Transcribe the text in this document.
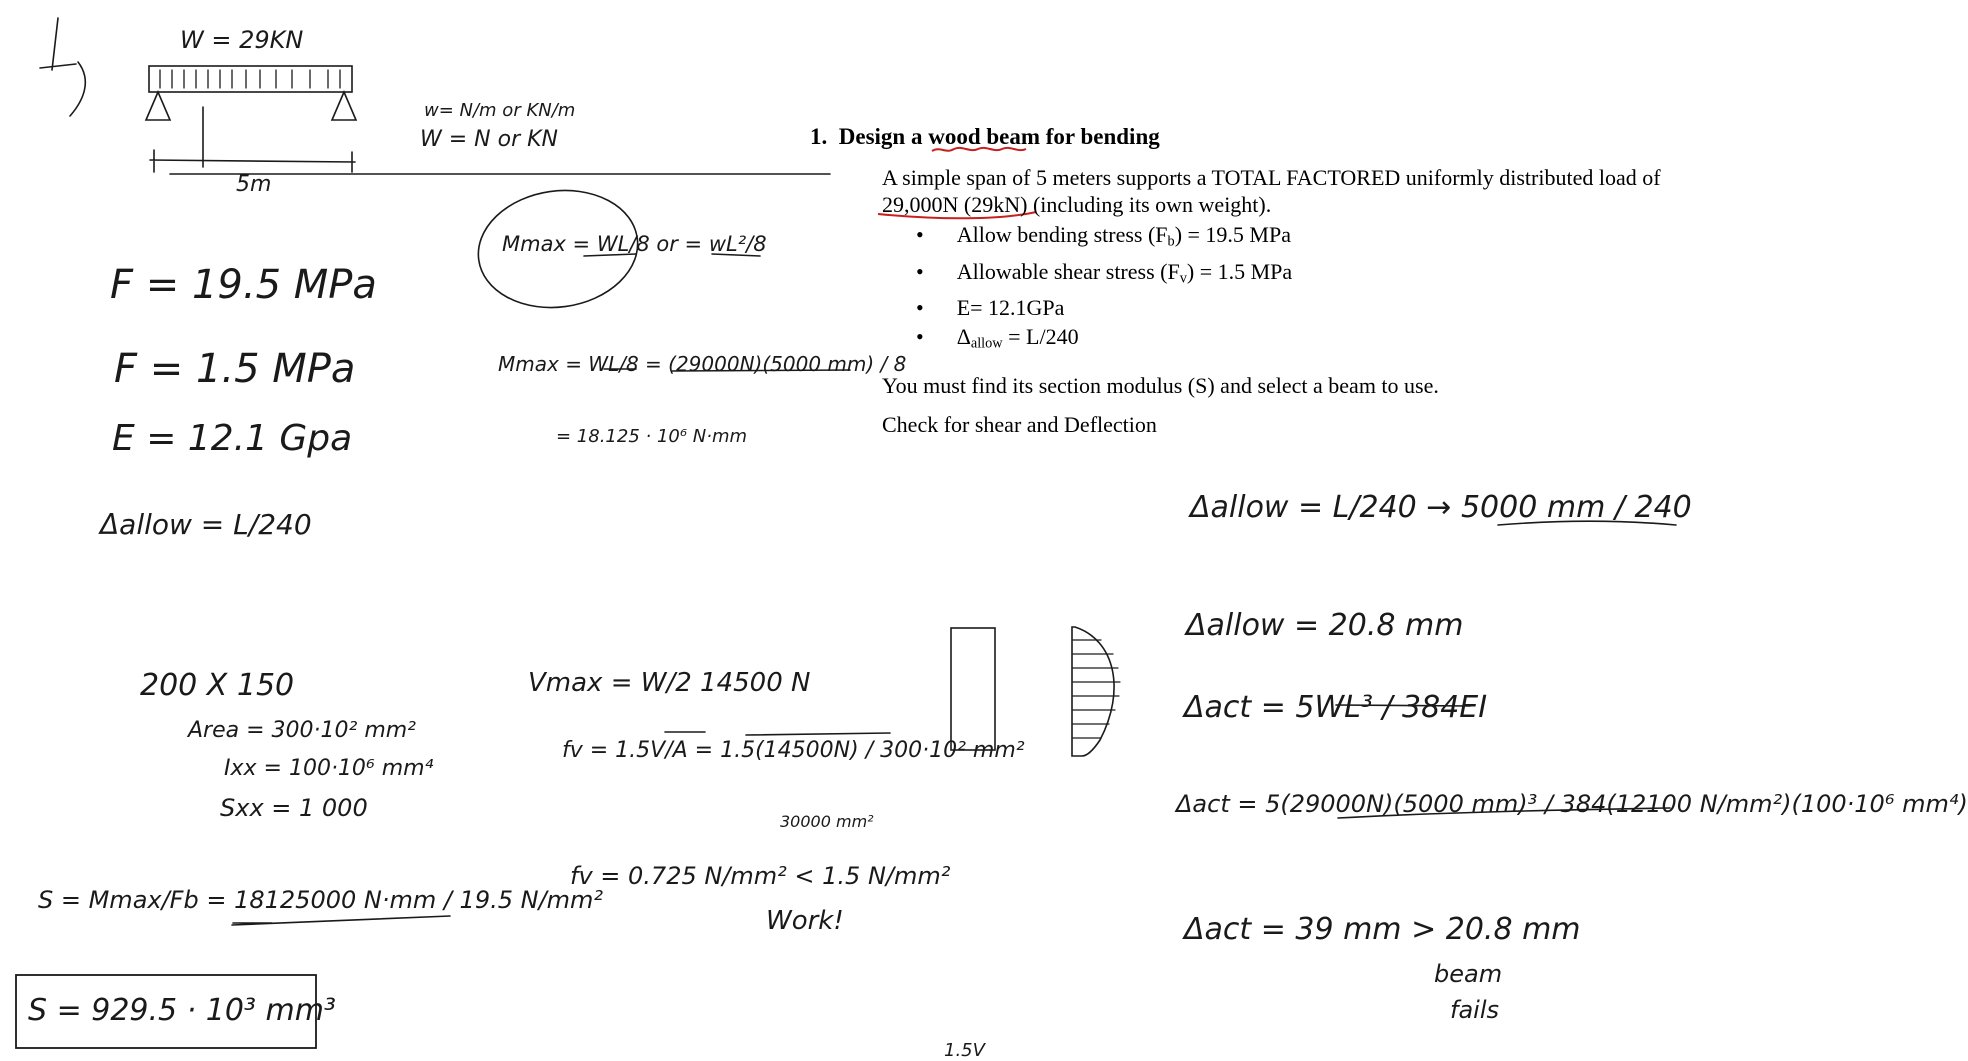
W = 29KN
5m
w= N/m or KN/m
W = N or KN
F = 19.5 MPa
F = 1.5 MPa
E = 12.1 Gpa
Δallow = L/240
Mmax = WL/8 or = wL²/8
Mmax = WL/8 = (29000N)(5000 mm) / 8
= 18.125 · 10⁶ N·mm
200 X 150
Area = 300·10² mm²
Ixx = 100·10⁶ mm⁴
Sxx = 1 000
S = Mmax/Fb = 18125000 N·mm / 19.5 N/mm²
S = 929.5 · 10³ mm³
Vmax = W/2 14500 N
fv = 1.5V/A = 1.5(14500N) / 300·10² mm²
30000 mm²
fv = 0.725 N/mm² < 1.5 N/mm²
Work!
Δallow = L/240 → 5000 mm / 240
Δallow = 20.8 mm
Δact = 5WL³ / 384EI
Δact = 5(29000N)(5000 mm)³ / 384(12100 N/mm²)(100·10⁶ mm⁴)
Δact = 39 mm > 20.8 mm
beam
fails
1.5V
1. Design a wood beam for bending
A simple span of 5 meters supports a TOTAL FACTORED uniformly distributed load of
29,000N (29kN) (including its own weight).
•      Allow bending stress $(F_b) = 19.5$ MPa
•      Allowable shear stress $(F_v) = 1.5$ MPa
•      E= 12.1GPa
•      $\Delta_{allow} = L/240$
You must find its section modulus (S) and select a beam to use.
Check for shear and Deflection
